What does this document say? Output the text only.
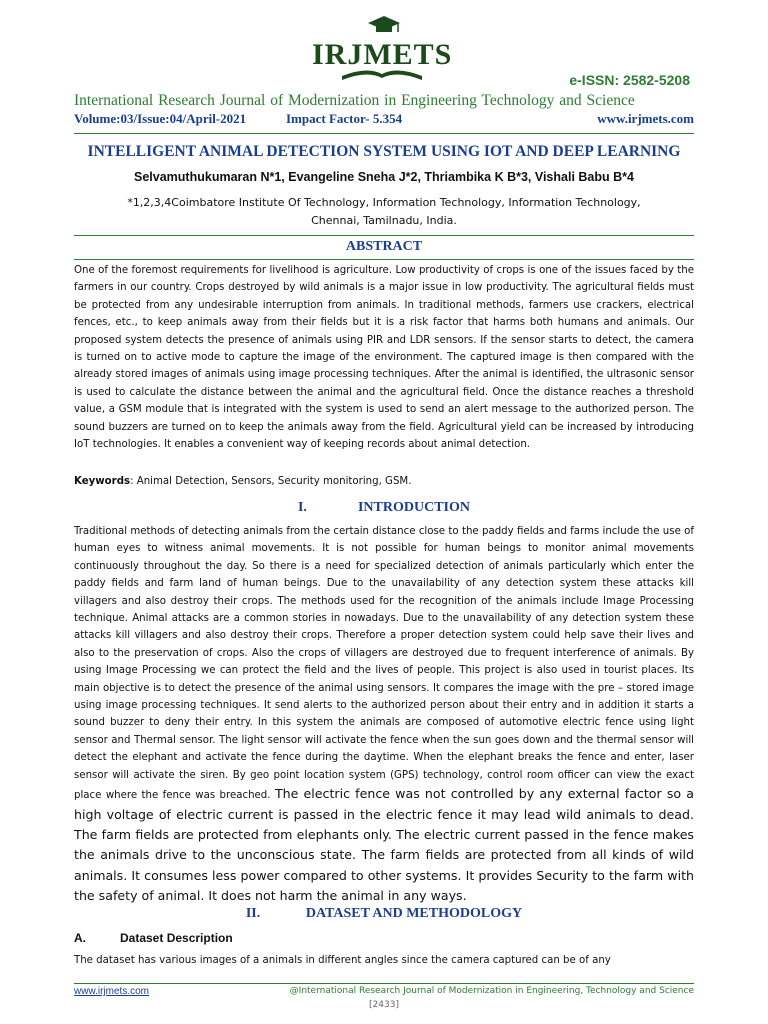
IRJMETS
e-ISSN: 2582-5208
International Research Journal of Modernization in Engineering Technology and Science
Volume:03/Issue:04/April-2021	Impact Factor- 5.354	www.irjmets.com
INTELLIGENT ANIMAL DETECTION SYSTEM USING IOT AND DEEP LEARNING
Selvamuthukumaran N*1, Evangeline Sneha J*2, Thriambika K B*3, Vishali Babu B*4
*1,2,3,4Coimbatore Institute Of Technology, Information Technology, Information Technology,
Chennai, Tamilnadu, India.
ABSTRACT

One of the foremost requirements for livelihood is agriculture. Low productivity of crops is one of the issues faced by the farmers in our country. Crops destroyed by wild animals is a major issue in low productivity. The agricultural fields must be protected from any undesirable interruption from animals. In traditional methods, farmers use crackers, electrical fences, etc., to keep animals away from their fields but it is a risk factor that harms both humans and animals. Our proposed system detects the presence of animals using PIR and LDR sensors. If the sensor starts to detect, the camera is turned on to active mode to capture the image of the environment. The captured image is then compared with the already stored images of animals using image processing techniques. After the animal is identified, the ultrasonic sensor is used to calculate the distance between the animal and the agricultural field. Once the distance reaches a threshold value, a GSM module that is integrated with the system is used to send an alert message to the authorized person. The sound buzzers are turned on to keep the animals away from the field. Agricultural yield can be increased by introducing IoT technologies. It enables a convenient way of keeping records about animal detection.

Keywords: Animal Detection, Sensors, Security monitoring, GSM.
I.	INTRODUCTION
Traditional methods of detecting animals from the certain distance close to the paddy fields and farms include the use of human eyes to witness animal movements. It is not possible for human beings to monitor animal movements continuously throughout the day. So there is a need for specialized detection of animals particularly which enter the paddy fields and farm land of human beings. Due to the unavailability of any detection system these attacks kill villagers and also destroy their crops. The methods used for the recognition of the animals include Image Processing technique. Animal attacks are a common stories in nowadays. Due to the unavailability of any detection system these attacks kill villagers and also destroy their crops. Therefore a proper detection system could help save their lives and also to the preservation of crops. Also the crops of villagers are destroyed due to frequent interference of animals. By using Image Processing we can protect the field and the lives of people. This project is also used in tourist places. Its main objective is to detect the presence of the animal using sensors. It compares the image with the pre – stored image using image processing techniques. It send alerts to the authorized person about their entry and in addition it starts a sound buzzer to deny their entry. In this system the animals are composed of automotive electric fence using light sensor and Thermal sensor. The light sensor will activate the fence when the sun goes down and the thermal sensor will detect the elephant and activate the fence during the daytime. When the elephant breaks the fence and enter, laser sensor will activate the siren. By geo point location system (GPS) technology, control room officer can view the exact place where the fence was breached. The electric fence was not controlled by any external factor so a high voltage of electric current is passed in the electric fence it may lead wild animals to dead. The farm fields are protected from elephants only. The electric current passed in the fence makes the animals drive to the unconscious state. The farm fields are protected from all kinds of wild animals. It consumes less power compared to other systems. It provides Security to the farm with the safety of animal. It does not harm the animal in any ways.
II.	DATASET AND METHODOLOGY
A.	Dataset Description

The dataset has various images of a animals in different angles since the camera captured can be of any

www.irjmets.com	@International Research Journal of Modernization in Engineering, Technology and Science
[2433]
